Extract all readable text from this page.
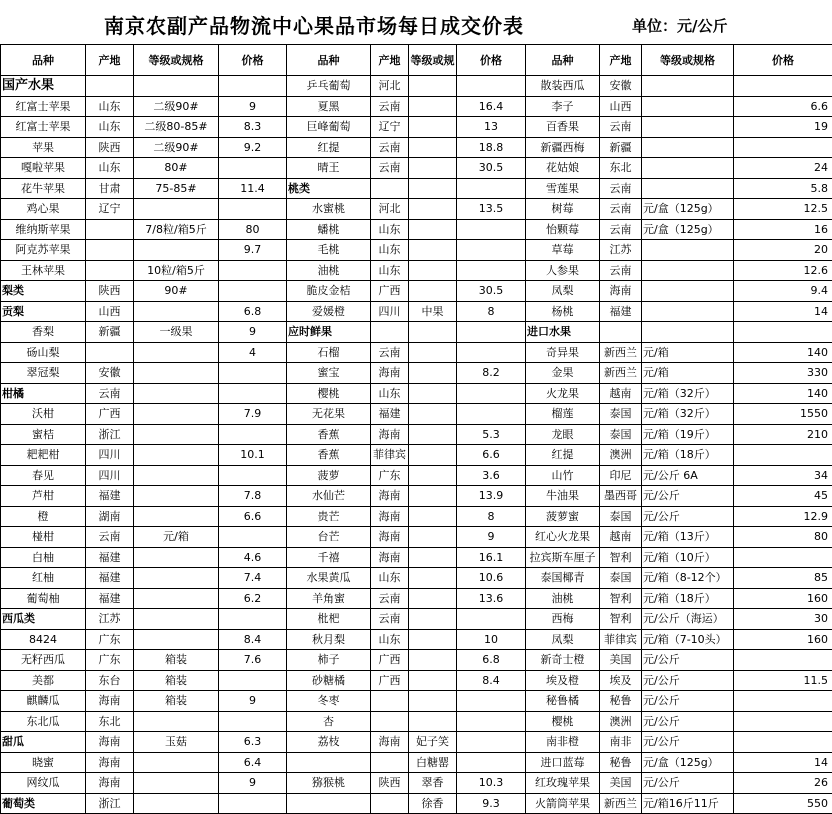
南京农副产品物流中心果品市场每日成交价表	单位：元/公斤
品种	产地	等级或规格	价格	品种	产地	等级或规	价格	品种	产地	等级或规格	价格
国产水果				乒乓葡萄	河北			散装西瓜	安徽		
红富士苹果	山东	二级90#	9	夏黑	云南		16.4	李子	山西		6.6
红富士苹果	山东	二级80-85#	8.3	巨峰葡萄	辽宁		13	百香果	云南		19
苹果	陕西	二级90#	9.2	红提	云南		18.8	新疆西梅	新疆		
嘎啦苹果	山东	80#		晴王	云南		30.5	花姑娘	东北		24
花牛苹果	甘肃	75-85#	11.4	桃类				雪莲果	云南		5.8
鸡心果	辽宁			水蜜桃	河北		13.5	树莓	云南	元/盒（125g）	12.5
维纳斯苹果		7/8粒/箱5斤	80	蟠桃	山东			怡颗莓	云南	元/盒（125g）	16
阿克苏苹果			9.7	毛桃	山东			草莓	江苏		20
王林苹果		10粒/箱5斤		油桃	山东			人参果	云南		12.6
梨类	陕西	90#		脆皮金桔	广西		30.5	凤梨	海南		9.4
贡梨	山西		6.8	爱媛橙	四川	中果	8	杨桃	福建		14
香梨	新疆	一级果	9	应时鲜果				进口水果			
砀山梨			4	石榴	云南			奇异果	新西兰	元/箱	140
翠冠梨	安徽			蜜宝	海南		8.2	金果	新西兰	元/箱	330
柑橘	云南			樱桃	山东			火龙果	越南	元/箱（32斤）	140
沃柑	广西		7.9	无花果	福建			榴莲	泰国	元/箱（32斤）	1550
蜜桔	浙江			香蕉	海南		5.3	龙眼	泰国	元/箱（19斤）	210
耙耙柑	四川		10.1	香蕉	菲律宾		6.6	红提	澳洲	元/箱（18斤）	
春见	四川			菠萝	广东		3.6	山竹	印尼	元/公斤 6A	34
芦柑	福建		7.8	水仙芒	海南		13.9	牛油果	墨西哥	元/公斤	45
橙	湖南		6.6	贵芒	海南		8	菠萝蜜	泰国	元/公斤	12.9
椪柑	云南	元/箱		台芒	海南		9	红心火龙果	越南	元/箱（13斤）	80
白柚	福建		4.6	千禧	海南		16.1	拉宾斯车厘子	智利	元/箱（10斤）	
红柚	福建		7.4	水果黄瓜	山东		10.6	泰国椰青	泰国	元/箱（8-12个）	85
葡萄柚	福建		6.2	羊角蜜	云南		13.6	油桃	智利	元/箱（18斤）	160
西瓜类	江苏			枇杷	云南			西梅	智利	元/公斤（海运）	30
8424	广东		8.4	秋月梨	山东		10	凤梨	菲律宾	元/箱（7-10头）	160
无籽西瓜	广东	箱装	7.6	柿子	广西		6.8	新奇士橙	美国	元/公斤	
美都	东台	箱装		砂糖橘	广西		8.4	埃及橙	埃及	元/公斤	11.5
麒麟瓜	海南	箱装	9	冬枣				秘鲁橘	秘鲁	元/公斤	
东北瓜	东北			杏				樱桃	澳洲	元/公斤	
甜瓜	海南	玉菇	6.3	荔枝	海南	妃子笑		南非橙	南非	元/公斤	
晓蜜	海南		6.4			白糖罂		进口蓝莓	秘鲁	元/盒（125g）	14
网纹瓜	海南		9	猕猴桃	陕西	翠香	10.3	红玫瑰苹果	美国	元/公斤	26
葡萄类	浙江					徐香	9.3	火箭筒苹果	新西兰	元/箱16斤11斤	550
